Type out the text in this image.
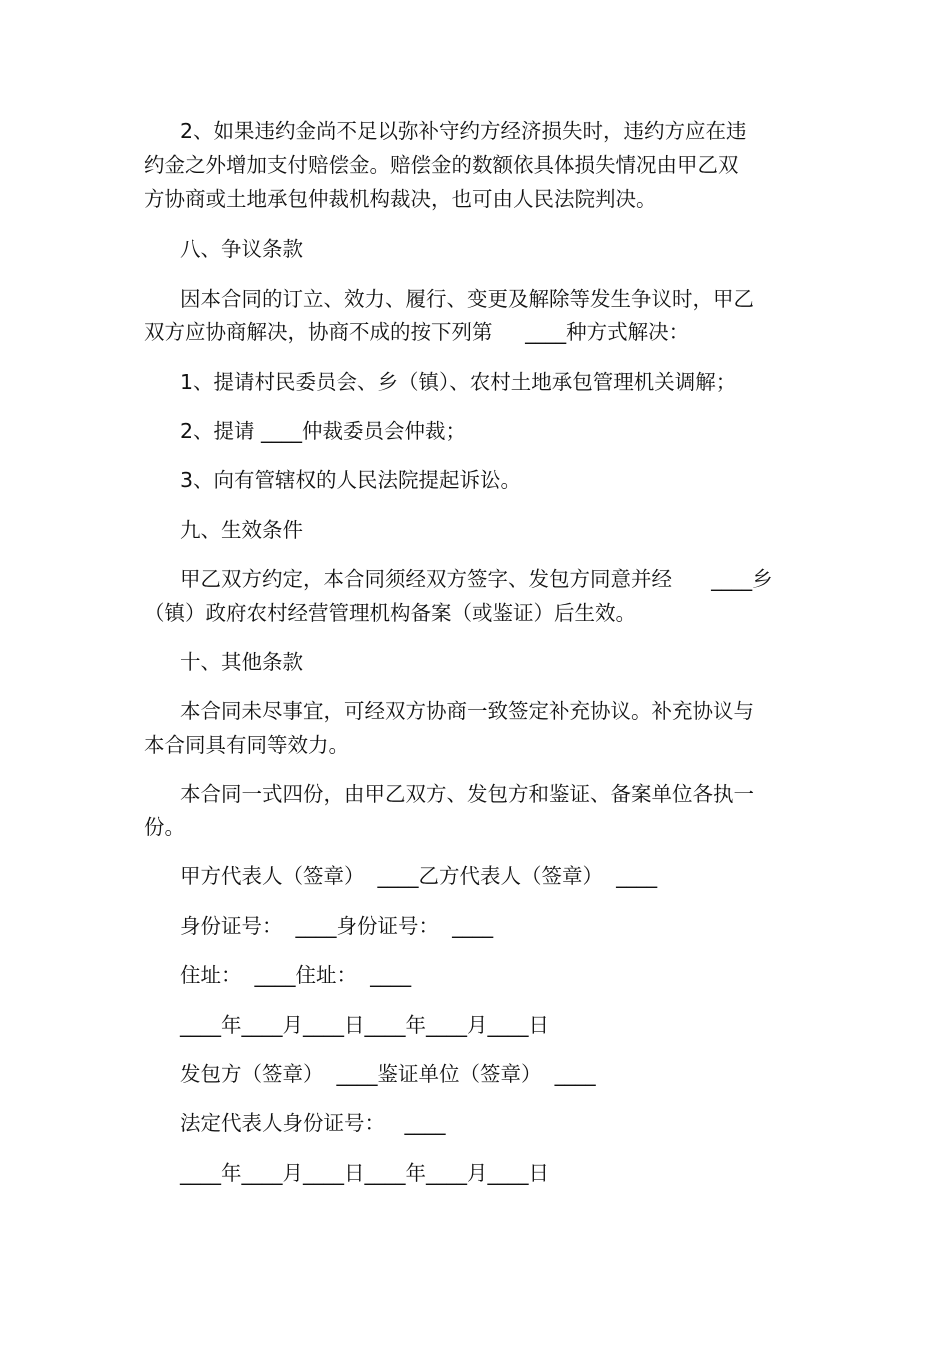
2、如果违约金尚不足以弥补守约方经济损失时，违约方应在违
约金之外增加支付赔偿金。赔偿金的数额依具体损失情况由甲乙双
方协商或土地承包仲裁机构裁决，也可由人民法院判决。
八、争议条款
因本合同的订立、效力、履行、变更及解除等发生争议时，甲乙
双方应协商解决，协商不成的按下列第     ____种方式解决：
1、提请村民委员会、乡（镇）、农村土地承包管理机关调解；
2、提请 ____仲裁委员会仲裁；
3、向有管辖权的人民法院提起诉讼。
九、生效条件
甲乙双方约定，本合同须经双方签字、发包方同意并经      ____乡
（镇）政府农村经营管理机构备案（或鉴证）后生效。
十、其他条款
本合同未尽事宜，可经双方协商一致签定补充协议。补充协议与
本合同具有同等效力。
本合同一式四份，由甲乙双方、发包方和鉴证、备案单位各执一
份。
甲方代表人（签章）  ____乙方代表人（签章）  ____
身份证号：  ____身份证号：  ____
住址：  ____住址：  ____
____年____月____日____年____月____日
发包方（签章）  ____鉴证单位（签章）  ____
法定代表人身份证号：   ____
____年____月____日____年____月____日
